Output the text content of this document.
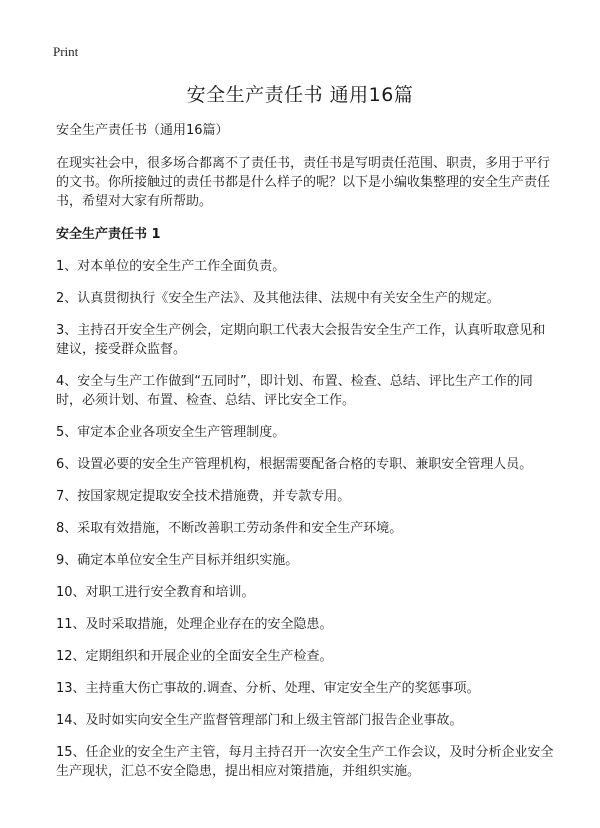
Print
安全生产责任书 通用16篇

安全生产责任书（通用16篇）

在现实社会中，很多场合都离不了责任书，责任书是写明责任范围、职责，多用于平行的文书。你所接触过的责任书都是什么样子的呢？以下是小编收集整理的安全生产责任书，希望对大家有所帮助。

安全生产责任书 1

1、对本单位的安全生产工作全面负责。

2、认真贯彻执行《安全生产法》、及其他法律、法规中有关安全生产的规定。

3、主持召开安全生产例会，定期向职工代表大会报告安全生产工作，认真听取意见和建议，接受群众监督。

4、安全与生产工作做到“五同时”，即计划、布置、检查、总结、评比生产工作的同时，必须计划、布置、检查、总结、评比安全工作。

5、审定本企业各项安全生产管理制度。

6、设置必要的安全生产管理机构，根据需要配备合格的专职、兼职安全管理人员。

7、按国家规定提取安全技术措施费，并专款专用。

8、采取有效措施，不断改善职工劳动条件和安全生产环境。

9、确定本单位安全生产目标并组织实施。

10、对职工进行安全教育和培训。

11、及时采取措施，处理企业存在的安全隐患。

12、定期组织和开展企业的全面安全生产检查。

13、主持重大伤亡事故的.调查、分析、处理、审定安全生产的奖惩事项。

14、及时如实向安全生产监督管理部门和上级主管部门报告企业事故。

15、任企业的安全生产主管，每月主持召开一次安全生产工作会议，及时分析企业安全生产现状，汇总不安全隐患，提出相应对策措施，并组织实施。
